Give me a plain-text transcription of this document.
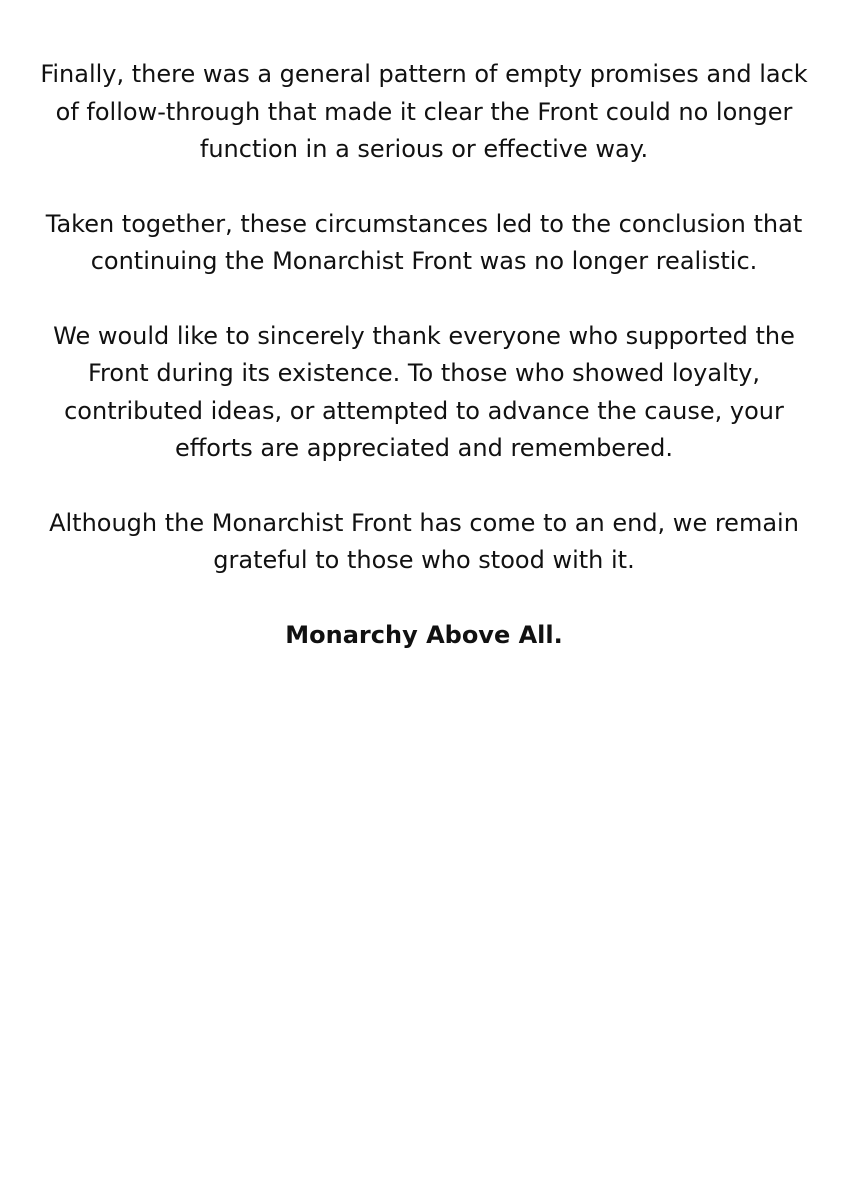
Finally, there was a general pattern of empty promises and lack of follow-through that made it clear the Front could no longer function in a serious or effective way.

Taken together, these circumstances led to the conclusion that continuing the Monarchist Front was no longer realistic.

We would like to sincerely thank everyone who supported the Front during its existence. To those who showed loyalty, contributed ideas, or attempted to advance the cause, your efforts are appreciated and remembered.

Although the Monarchist Front has come to an end, we remain grateful to those who stood with it.

Monarchy Above All.
